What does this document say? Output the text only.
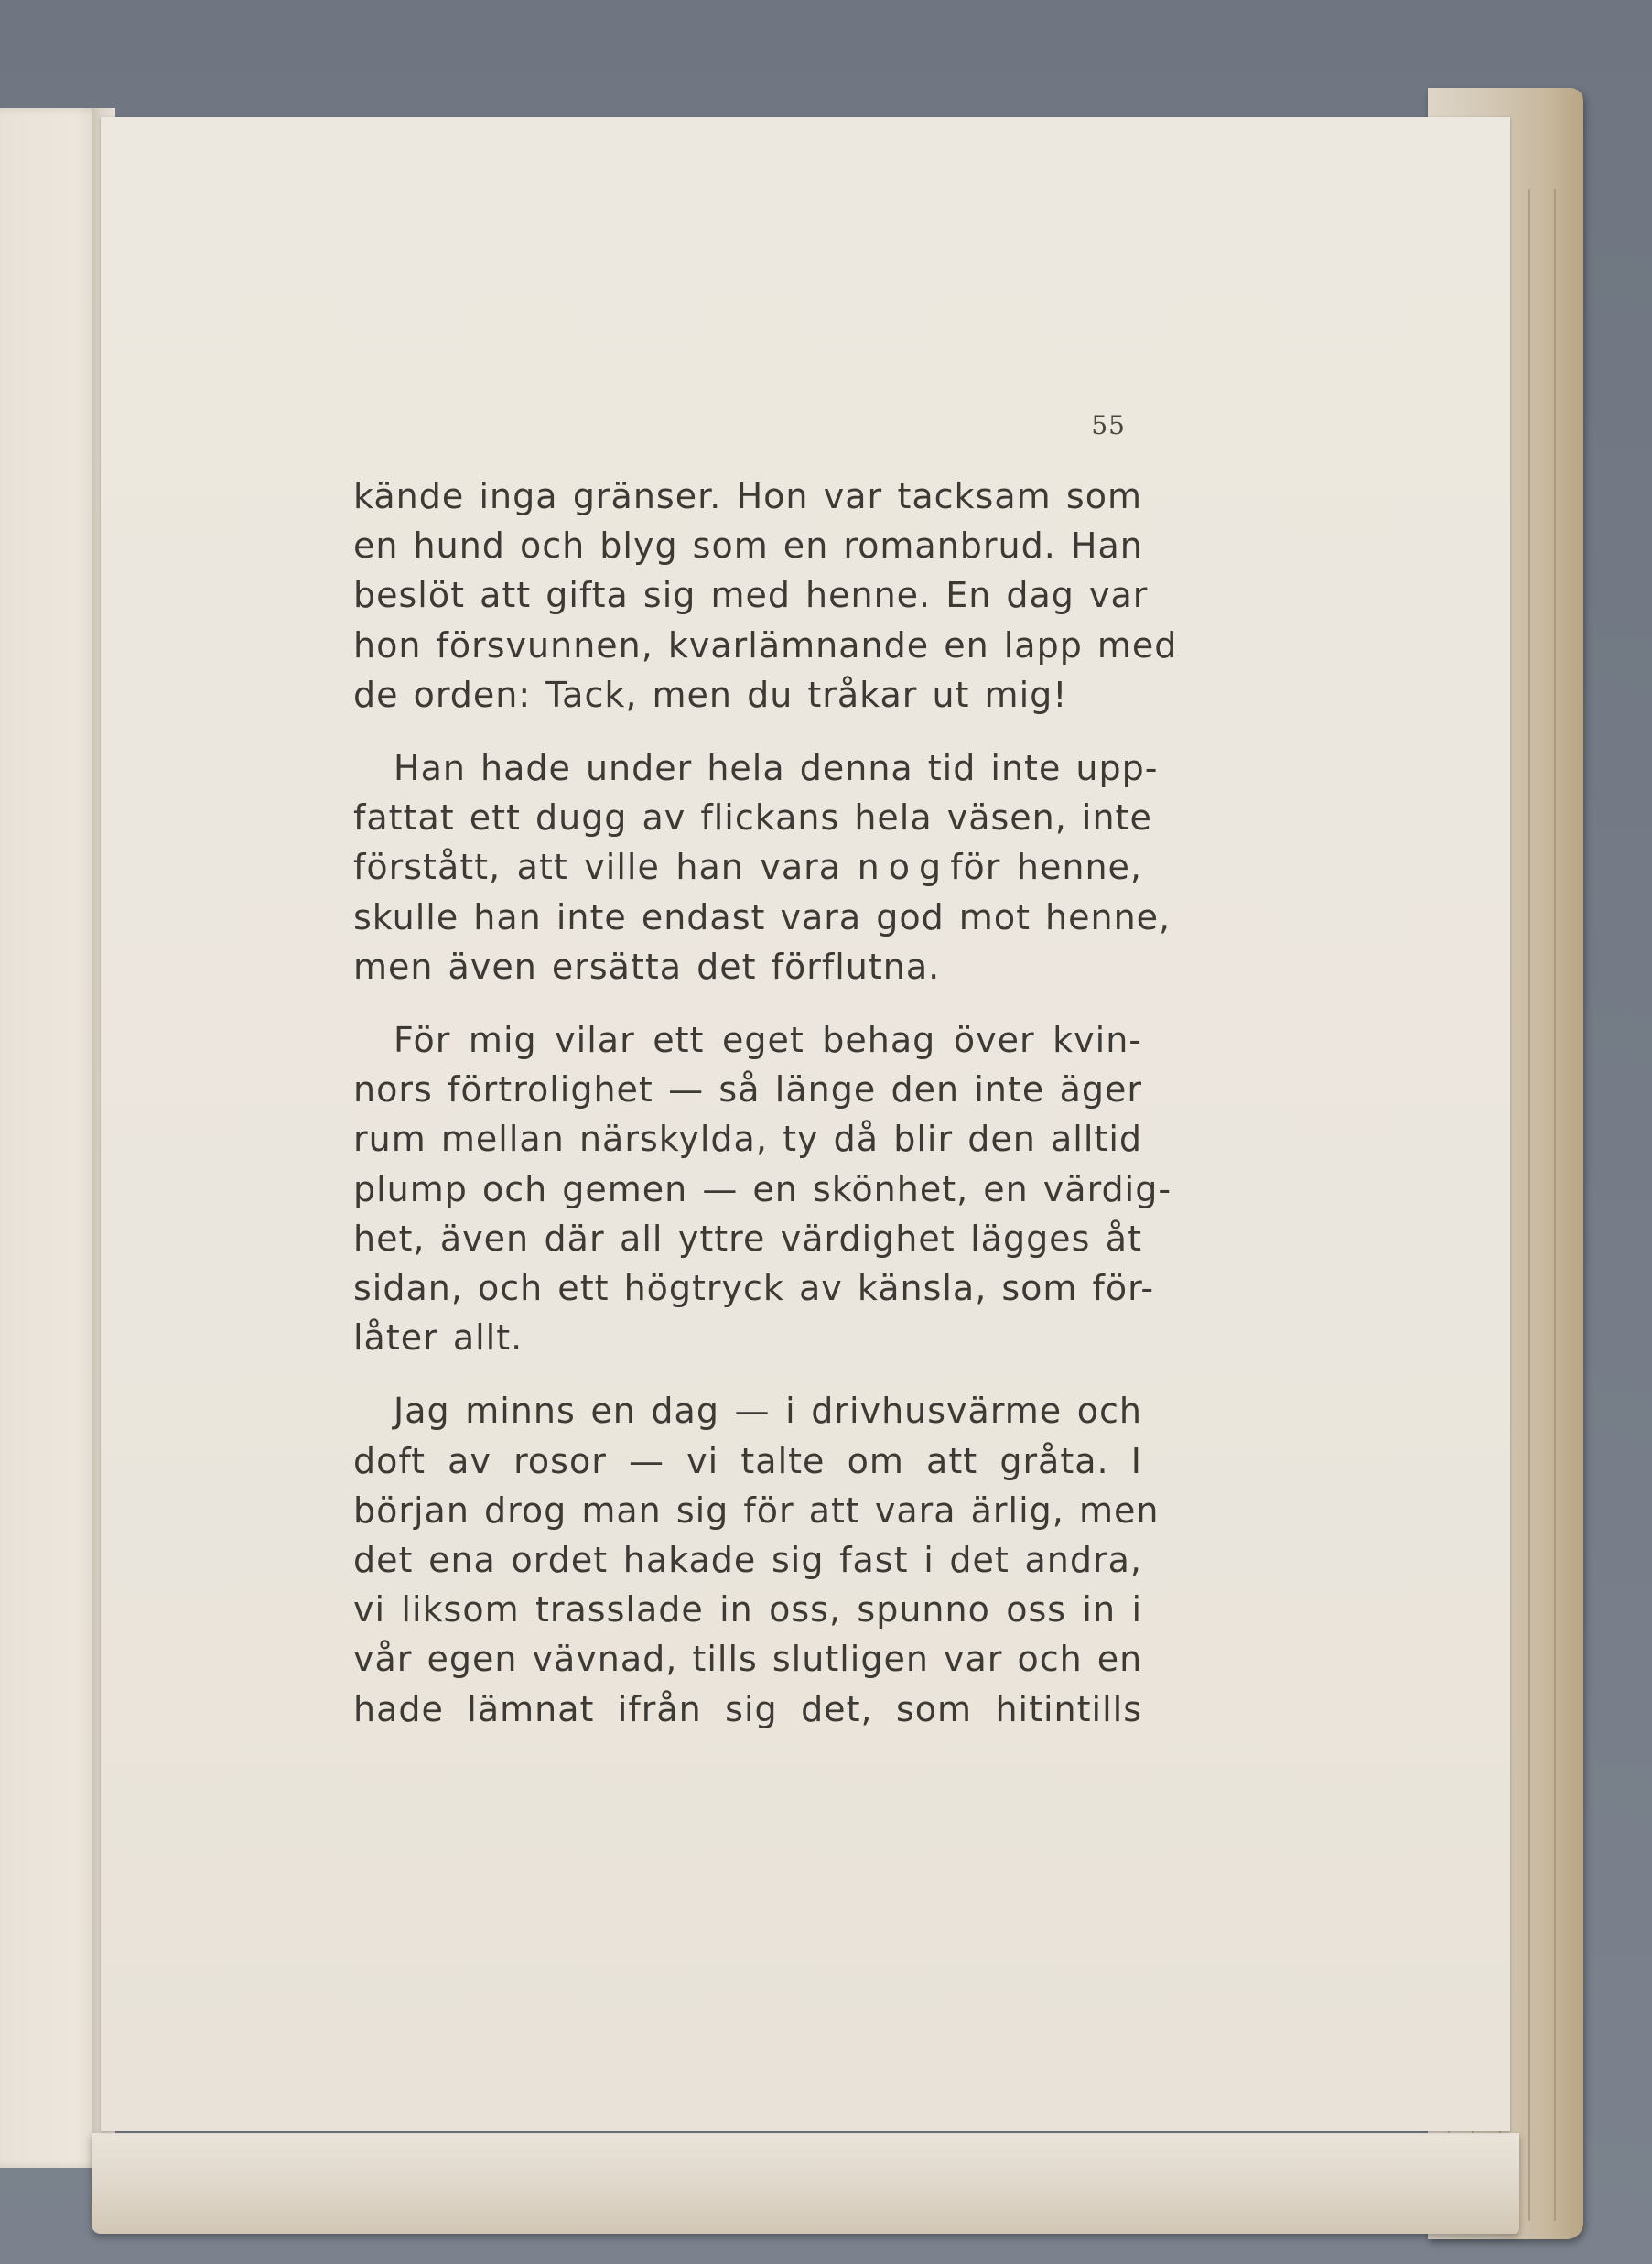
55
kände inga gränser. Hon var tacksam som
en hund och blyg som en romanbrud. Han
beslöt att gifta sig med henne. En dag var
hon försvunnen, kvarlämnande en lapp med
de orden: Tack, men du tråkar ut mig!
Han hade under hela denna tid inte upp-
fattat ett dugg av flickans hela väsen, inte
förstått, att ville han vara nogför henne,
skulle han inte endast vara god mot henne,
men även ersätta det förflutna.
För mig vilar ett eget behag över kvin-
nors förtrolighet — så länge den inte äger
rum mellan närskylda, ty då blir den alltid
plump och gemen — en skönhet, en värdig-
het, även där all yttre värdighet lägges åt
sidan, och ett högtryck av känsla, som för-
låter allt.
Jag minns en dag — i drivhusvärme och
doft av rosor — vi talte om att gråta. I
början drog man sig för att vara ärlig, men
det ena ordet hakade sig fast i det andra,
vi liksom trasslade in oss, spunno oss in i
vår egen vävnad, tills slutligen var och en
hade lämnat ifrån sig det, som hitintills
